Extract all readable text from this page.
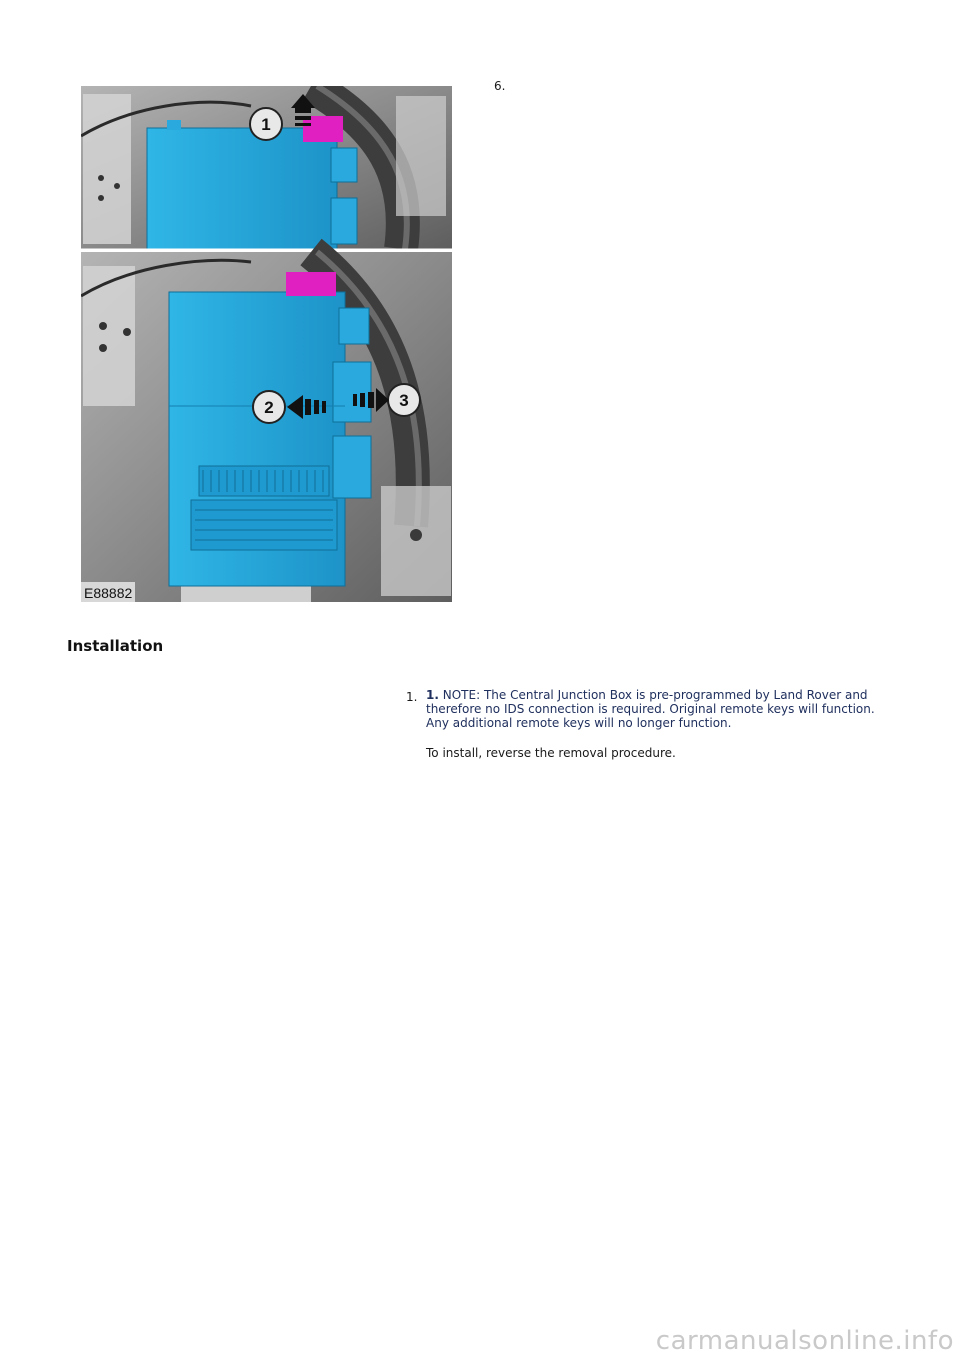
6.
1
2	3
E88882
Installation
1. 1. NOTE: The Central Junction Box is pre-programmed by Land Rover and therefore no IDS connection is required. Original remote keys will function. Any additional remote keys will no longer function.

To install, reverse the removal procedure.

carmanualsonline.info
